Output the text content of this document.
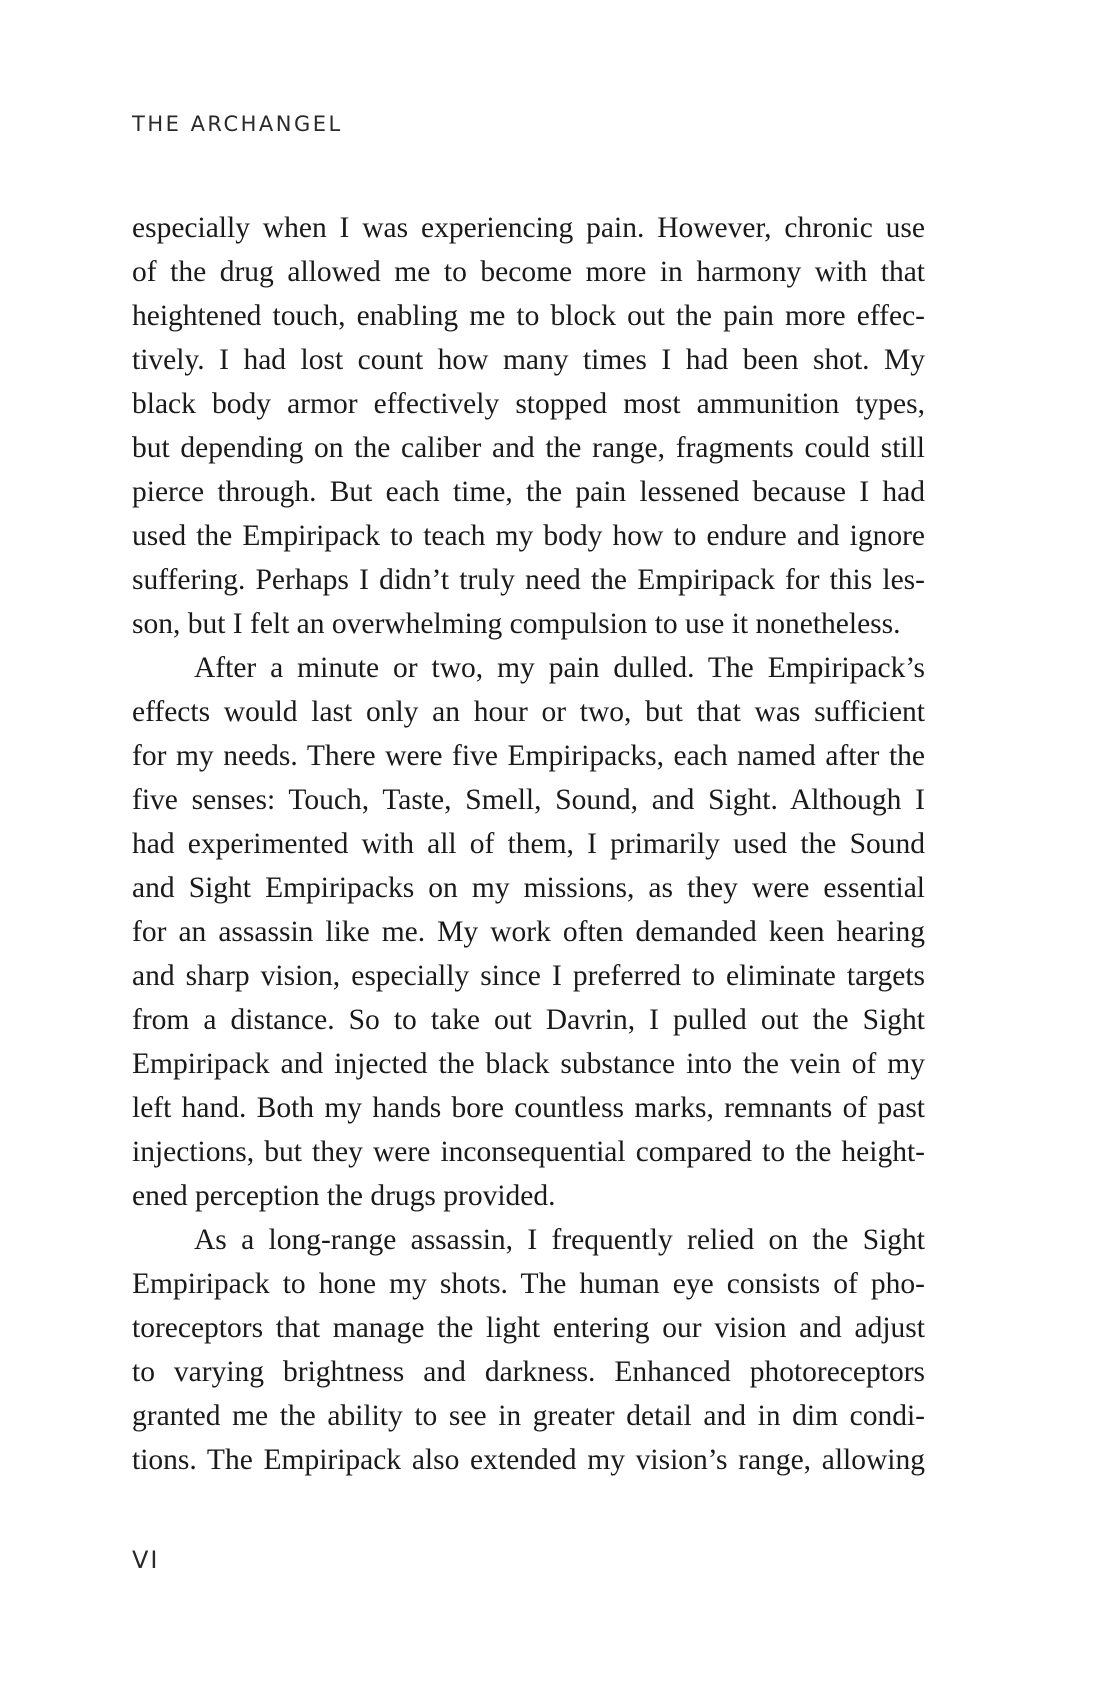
THE ARCHANGEL

especially when I was experiencing pain. However, chronic use
of the drug allowed me to become more in harmony with that
heightened touch, enabling me to block out the pain more effec-
tively. I had lost count how many times I had been shot. My
black body armor effectively stopped most ammunition types,
but depending on the caliber and the range, fragments could still
pierce through. But each time, the pain lessened because I had
used the Empiripack to teach my body how to endure and ignore
suffering. Perhaps I didn’t truly need the Empiripack for this les-
son, but I felt an overwhelming compulsion to use it nonetheless.

After a minute or two, my pain dulled. The Empiripack’s
effects would last only an hour or two, but that was sufficient
for my needs. There were five Empiripacks, each named after the
five senses: Touch, Taste, Smell, Sound, and Sight. Although I
had experimented with all of them, I primarily used the Sound
and Sight Empiripacks on my missions, as they were essential
for an assassin like me. My work often demanded keen hearing
and sharp vision, especially since I preferred to eliminate targets
from a distance. So to take out Davrin, I pulled out the Sight
Empiripack and injected the black substance into the vein of my
left hand. Both my hands bore countless marks, remnants of past
injections, but they were inconsequential compared to the height-
ened perception the drugs provided.

As a long-range assassin, I frequently relied on the Sight
Empiripack to hone my shots. The human eye consists of pho-
toreceptors that manage the light entering our vision and adjust
to varying brightness and darkness. Enhanced photoreceptors
granted me the ability to see in greater detail and in dim condi-
tions. The Empiripack also extended my vision’s range, allowing

VI
